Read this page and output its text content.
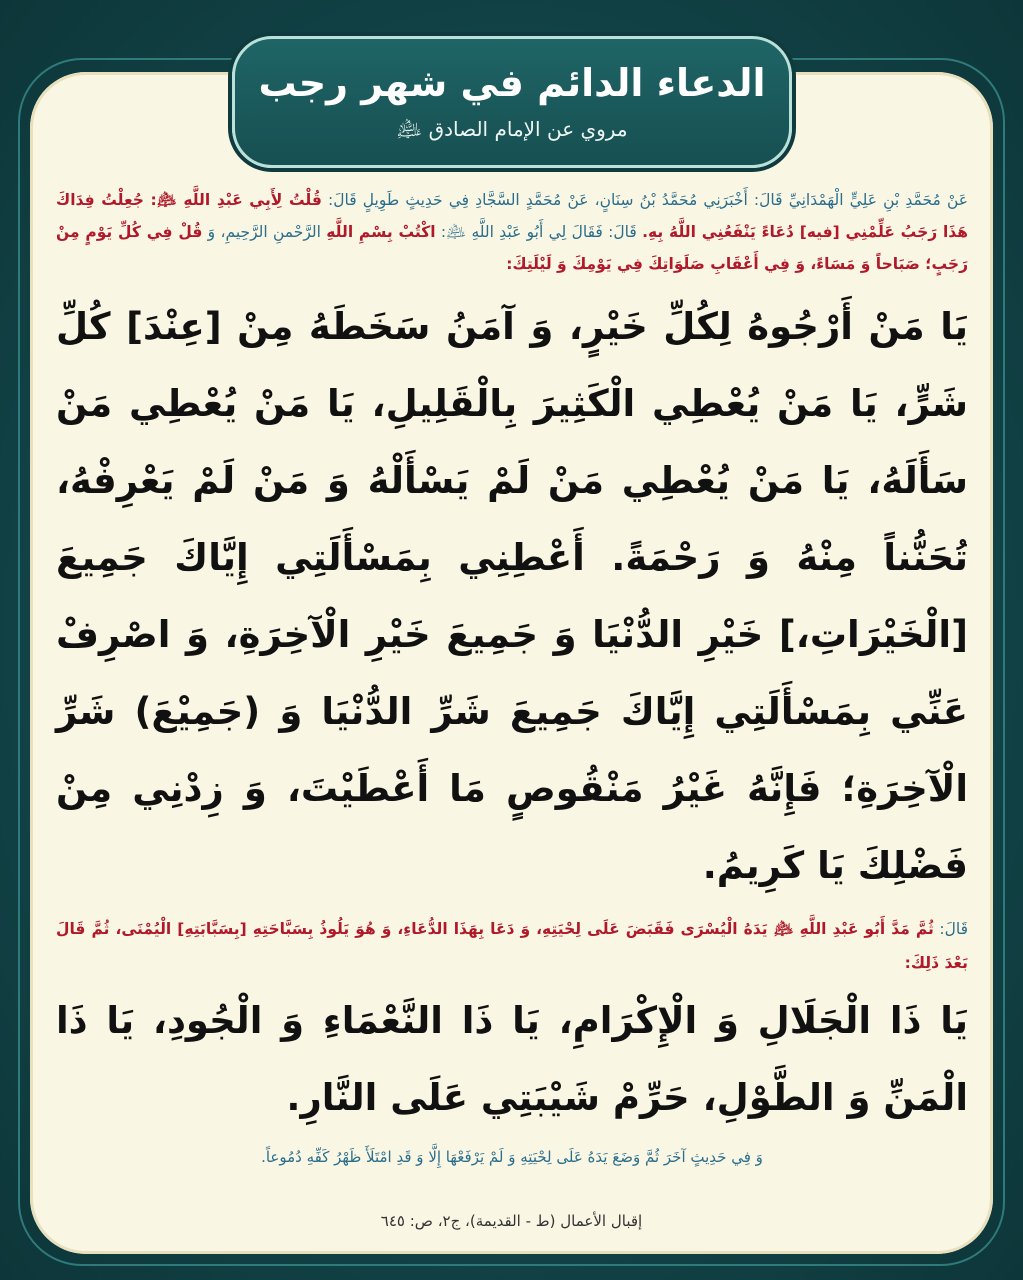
الدعاء الدائم في شهر رجب
مروي عن الإمام الصادق ﵇

عَنْ مُحَمَّدِ بْنِ عَلِيٍّ الْهَمْدَانِيِّ قَالَ: أَخْبَرَنِي مُحَمَّدُ بْنُ سِنَانٍ، عَنْ مُحَمَّدٍ السَّجَّادِ فِي حَدِيثٍ طَوِيلٍ قَالَ: قُلْتُ لِأَبِي عَبْدِ اللَّهِ ﵇: جُعِلْتُ فِدَاكَ هَذَا رَجَبُ عَلِّمْنِي [فيه] دُعَاءً يَنْفَعُنِي اللَّهُ بِهِ. قَالَ: فَقَالَ لِي أَبُو عَبْدِ اللَّهِ ﵇: اكْتُبْ بِسْمِ اللَّهِ الرَّحْمنِ الرَّحِيمِ، وَ قُلْ فِي كُلِّ يَوْمٍ مِنْ رَجَبٍ؛ صَبَاحاً وَ مَسَاءً، وَ فِي أَعْقَابِ صَلَوَاتِكَ فِي يَوْمِكَ وَ لَيْلَتِكَ:

يَا مَنْ أَرْجُوهُ لِكُلِّ خَيْرٍ، وَ آمَنُ سَخَطَهُ مِنْ [عِنْدَ] كُلِّ شَرٍّ، يَا مَنْ يُعْطِي الْكَثِيرَ بِالْقَلِيلِ، يَا مَنْ يُعْطِي مَنْ سَأَلَهُ، يَا مَنْ يُعْطِي مَنْ لَمْ يَسْأَلْهُ وَ مَنْ لَمْ يَعْرِفْهُ، تُحَنُّناً مِنْهُ وَ رَحْمَةً. أَعْطِنِي بِمَسْأَلَتِي إِيَّاكَ جَمِيعَ [الْخَيْرَاتِ،] خَيْرِ الدُّنْيَا وَ جَمِيعَ خَيْرِ الْآخِرَةِ، وَ اصْرِفْ عَنِّي بِمَسْأَلَتِي إِيَّاكَ جَمِيعَ شَرِّ الدُّنْيَا وَ (جَمِيْعَ) شَرِّ الْآخِرَةِ؛ فَإِنَّهُ غَيْرُ مَنْقُوصٍ مَا أَعْطَيْتَ، وَ زِدْنِي مِنْ فَضْلِكَ يَا كَرِيمُ.

قَالَ: ثُمَّ مَدَّ أَبُو عَبْدِ اللَّهِ ﵇ يَدَهُ الْيُسْرَى فَقَبَضَ عَلَى لِحْيَتِهِ، وَ دَعَا بِهَذَا الدُّعَاءِ، وَ هُوَ يَلُوذُ بِسَبَّاحَتِهِ [بِسَبَّابَتِهِ] الْيُمْنَى، ثُمَّ قَالَ بَعْدَ ذَلِكَ:

يَا ذَا الْجَلَالِ وَ الْإِكْرَامِ، يَا ذَا النَّعْمَاءِ وَ الْجُودِ، يَا ذَا الْمَنِّ وَ الطَّوْلِ، حَرِّمْ شَيْبَتِي عَلَى النَّارِ.

وَ فِي حَدِيثٍ آخَرَ ثُمَّ وَضَعَ يَدَهُ عَلَى لِحْيَتِهِ وَ لَمْ يَرْفَعْهَا إِلَّا وَ قَدِ امْتَلَأَ ظَهْرُ كَفِّهِ دُمُوعاً.

إقبال الأعمال (ط - القديمة)، ج٢، ص: ٦٤٥
